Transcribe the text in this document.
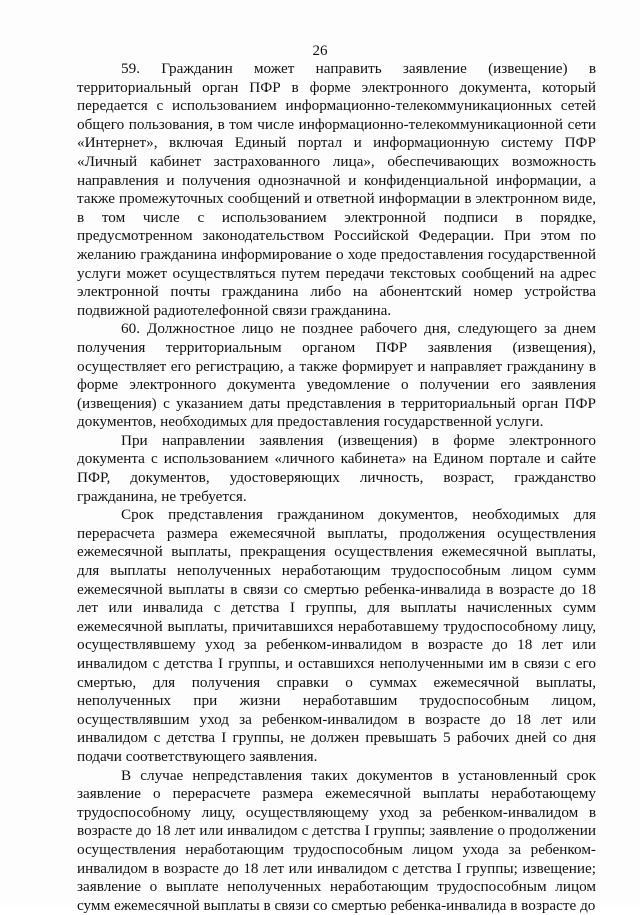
26

59. Гражданин может направить заявление (извещение) в территориальный орган ПФР в форме электронного документа, который передается с использованием информационно-телекоммуникационных сетей общего пользования, в том числе информационно-телекоммуникационной сети «Интернет», включая Единый портал и информационную систему ПФР «Личный кабинет застрахованного лица», обеспечивающих возможность направления и получения однозначной и конфиденциальной информации, а также промежуточных сообщений и ответной информации в электронном виде, в том числе с использованием электронной подписи в порядке, предусмотренном законодательством Российской Федерации. При этом по желанию гражданина информирование о ходе предоставления государственной услуги может осуществляться путем передачи текстовых сообщений на адрес электронной почты гражданина либо на абонентский номер устройства подвижной радиотелефонной связи гражданина.

60. Должностное лицо не позднее рабочего дня, следующего за днем получения территориальным органом ПФР заявления (извещения), осуществляет его регистрацию, а также формирует и направляет гражданину в форме электронного документа уведомление о получении его заявления (извещения) с указанием даты представления в территориальный орган ПФР документов, необходимых для предоставления государственной услуги.

При направлении заявления (извещения) в форме электронного документа с использованием «личного кабинета» на Едином портале и сайте ПФР, документов, удостоверяющих личность, возраст, гражданство гражданина, не требуется.

Срок представления гражданином документов, необходимых для перерасчета размера ежемесячной выплаты, продолжения осуществления ежемесячной выплаты, прекращения осуществления ежемесячной выплаты, для выплаты неполученных неработающим трудоспособным лицом сумм ежемесячной выплаты в связи со смертью ребенка-инвалида в возрасте до 18 лет или инвалида с детства I группы, для выплаты начисленных сумм ежемесячной выплаты, причитавшихся неработавшему трудоспособному лицу, осуществлявшему уход за ребенком-инвалидом в возрасте до 18 лет или инвалидом с детства I группы, и оставшихся неполученными им в связи с его смертью, для получения справки о суммах ежемесячной выплаты, неполученных при жизни неработавшим трудоспособным лицом, осуществлявшим уход за ребенком-инвалидом в возрасте до 18 лет или инвалидом с детства I группы, не должен превышать 5 рабочих дней со дня подачи соответствующего заявления.

В случае непредставления таких документов в установленный срок заявление о перерасчете размера ежемесячной выплаты неработающему трудоспособному лицу, осуществляющему уход за ребенком-инвалидом в возрасте до 18 лет или инвалидом с детства I группы; заявление о продолжении осуществления неработающим трудоспособным лицом ухода за ребенком-инвалидом в возрасте до 18 лет или инвалидом с детства I группы; извещение; заявление о выплате неполученных неработающим трудоспособным лицом сумм ежемесячной выплаты в связи со смертью ребенка-инвалида в возрасте до
